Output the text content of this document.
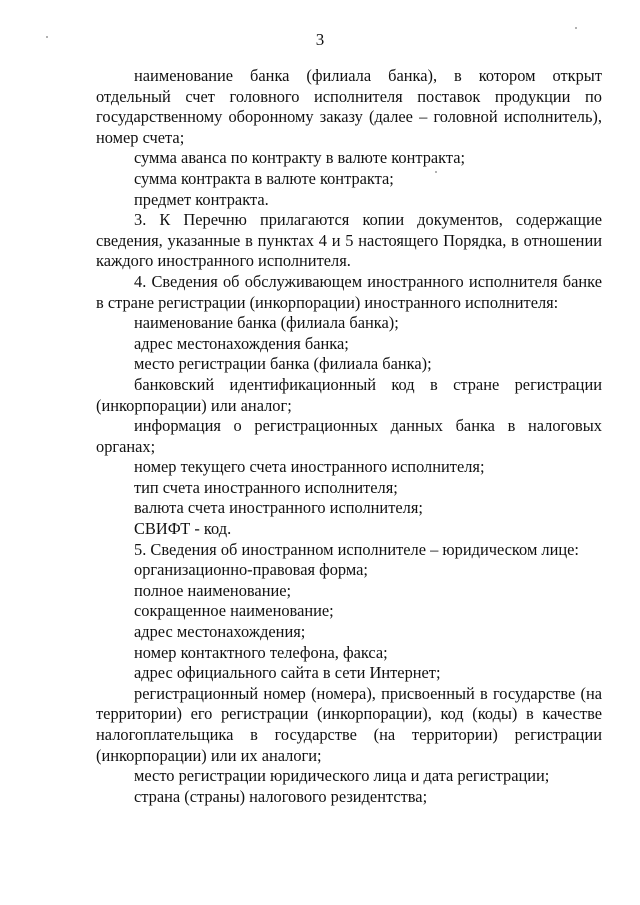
3

наименование банка (филиала банка), в котором открыт отдельный счет головного исполнителя поставок продукции по государственному оборонному заказу (далее – головной исполнитель), номер счета;

сумма аванса по контракту в валюте контракта;

сумма контракта в валюте контракта;

предмет контракта.

3. К Перечню прилагаются копии документов, содержащие сведения, указанные в пунктах 4 и 5 настоящего Порядка, в отношении каждого иностранного исполнителя.

4. Сведения об обслуживающем иностранного исполнителя банке в стране регистрации (инкорпорации) иностранного исполнителя:

наименование банка (филиала банка);

адрес местонахождения банка;

место регистрации банка (филиала банка);

банковский идентификационный код в стране регистрации (инкорпорации) или аналог;

информация о регистрационных данных банка в налоговых органах;

номер текущего счета иностранного исполнителя;

тип счета иностранного исполнителя;

валюта счета иностранного исполнителя;

СВИФТ - код.

5. Сведения об иностранном исполнителе – юридическом лице:

организационно-правовая форма;

полное наименование;

сокращенное наименование;

адрес местонахождения;

номер контактного телефона, факса;

адрес официального сайта в сети Интернет;

регистрационный номер (номера), присвоенный в государстве (на территории) его регистрации (инкорпорации), код (коды) в качестве налогоплательщика в государстве (на территории) регистрации (инкорпорации) или их аналоги;

место регистрации юридического лица и дата регистрации;

страна (страны) налогового резидентства;
